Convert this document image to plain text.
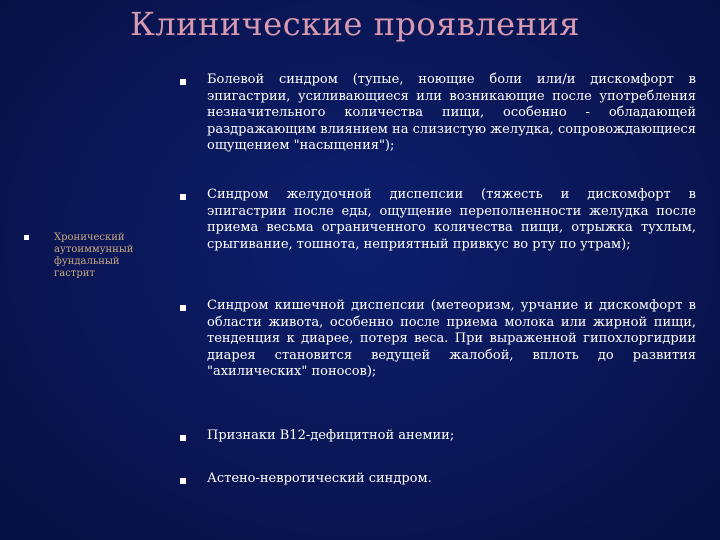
Клинические проявления
Хронический аутоиммунный фундальный гастрит
Болевой синдром (тупые, ноющие боли или/и дискомфорт в эпигастрии, усиливающиеся или возникающие после употребления незначительного количества пищи, особенно - обладающей раздражающим влиянием на слизистую желудка, сопровождающиеся ощущением "насыщения");
Синдром желудочной диспепсии (тяжесть и дискомфорт в эпигастрии после еды, ощущение переполненности желудка после приема весьма ограниченного количества пищи, отрыжка тухлым, срыгивание, тошнота, неприятный привкус во рту по утрам);
Синдром кишечной диспепсии (метеоризм, урчание и дискомфорт в области живота, особенно после приема молока или жирной пищи, тенденция к диарее, потеря веса. При выраженной гипохлоргидрии диарея становится ведущей жалобой, вплоть до развития "ахилических" поносов);
Признаки В12-дефицитной анемии;
Астено-невротический синдром.
